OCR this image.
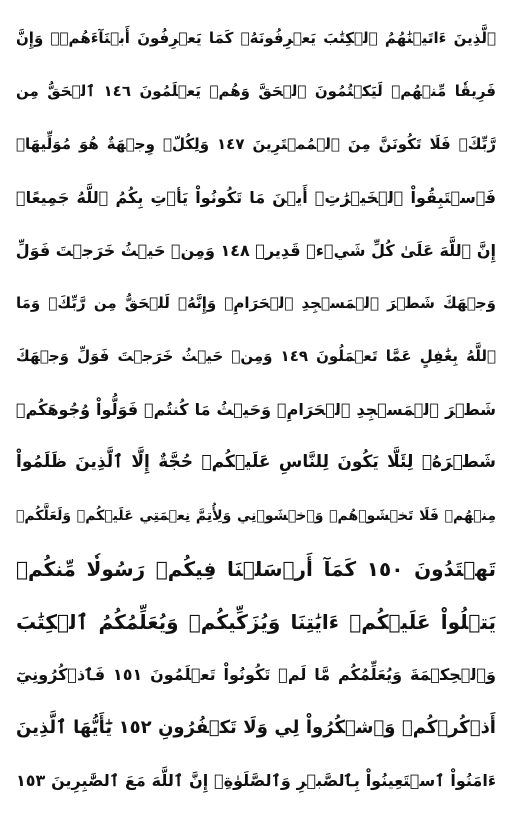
ٱلَّذِينَ ءَاتَيۡنَٰهُمُ ٱلۡكِتَٰبَ يَعۡرِفُونَهُۥ كَمَا يَعۡرِفُونَ أَبۡنَآءَهُمۡۖ وَإِنَّ
فَرِيقٗا مِّنۡهُمۡ لَيَكۡتُمُونَ ٱلۡحَقَّ وَهُمۡ يَعۡلَمُونَ ١٤٦ ٱلۡحَقُّ مِن
رَّبِّكَۖ فَلَا تَكُونَنَّ مِنَ ٱلۡمُمۡتَرِينَ ١٤٧ وَلِكُلّٖ وِجۡهَةٌ هُوَ مُوَلِّيهَاۖ
فَٱسۡتَبِقُواْ ٱلۡخَيۡرَٰتِۚ أَيۡنَ مَا تَكُونُواْ يَأۡتِ بِكُمُ ٱللَّهُ جَمِيعًاۚ
إِنَّ ٱللَّهَ عَلَىٰ كُلِّ شَيۡءٖ قَدِيرٞ ١٤٨ وَمِنۡ حَيۡثُ خَرَجۡتَ فَوَلِّ
وَجۡهَكَ شَطۡرَ ٱلۡمَسۡجِدِ ٱلۡحَرَامِۖ وَإِنَّهُۥ لَلۡحَقُّ مِن رَّبِّكَۗ وَمَا
ٱللَّهُ بِغَٰفِلٍ عَمَّا تَعۡمَلُونَ ١٤٩ وَمِنۡ حَيۡثُ خَرَجۡتَ فَوَلِّ وَجۡهَكَ
شَطۡرَ ٱلۡمَسۡجِدِ ٱلۡحَرَامِۚ وَحَيۡثُ مَا كُنتُمۡ فَوَلُّواْ وُجُوهَكُمۡ
شَطۡرَهُۥ لِئَلَّا يَكُونَ لِلنَّاسِ عَلَيۡكُمۡ حُجَّةٌ إِلَّا ٱلَّذِينَ ظَلَمُواْ
مِنۡهُمۡ فَلَا تَخۡشَوۡهُمۡ وَٱخۡشَوۡنِي وَلِأُتِمَّ نِعۡمَتِي عَلَيۡكُمۡ وَلَعَلَّكُمۡ
تَهۡتَدُونَ ١٥٠ كَمَآ أَرۡسَلۡنَا فِيكُمۡ رَسُولٗا مِّنكُمۡ
يَتۡلُواْ عَلَيۡكُمۡ ءَايَٰتِنَا وَيُزَكِّيكُمۡ وَيُعَلِّمُكُمُ ٱلۡكِتَٰبَ
وَٱلۡحِكۡمَةَ وَيُعَلِّمُكُم مَّا لَمۡ تَكُونُواْ تَعۡلَمُونَ ١٥١ فَٱذۡكُرُونِيٓ
أَذۡكُرۡكُمۡ وَٱشۡكُرُواْ لِي وَلَا تَكۡفُرُونِ ١٥٢ يَٰٓأَيُّهَا ٱلَّذِينَ
ءَامَنُواْ ٱسۡتَعِينُواْ بِٱلصَّبۡرِ وَٱلصَّلَوٰةِۚ إِنَّ ٱللَّهَ مَعَ ٱلصَّٰبِرِينَ ١٥٣
